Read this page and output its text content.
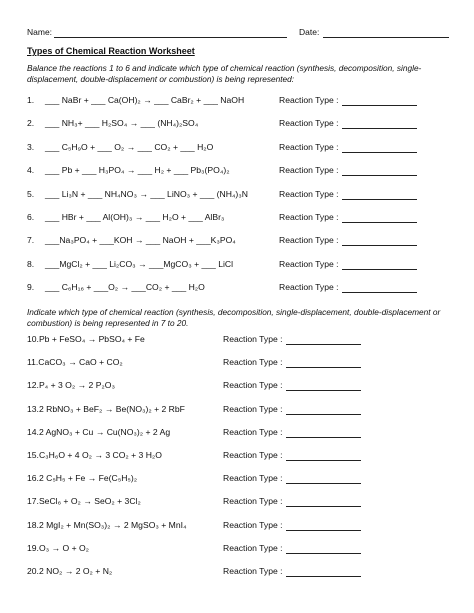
Name:	Date:
Types of Chemical Reaction Worksheet
Balance the reactions 1 to 6 and indicate which type of chemical reaction (synthesis, decomposition, single-displacement, double-displacement or combustion) is being represented:
1. ___ NaBr + ___ Ca(OH)₂ → ___ CaBr₂ + ___ NaOH	Reaction Type :
2. ___ NH₃+ ___ H₂SO₄ → ___ (NH₄)₂SO₄	Reaction Type :
3. ___ C₅H₉O + ___ O₂ → ___ CO₂ + ___ H₂O	Reaction Type :
4. ___ Pb + ___ H₃PO₄ → ___ H₂ + ___ Pb₃(PO₄)₂	Reaction Type :
5. ___ Li₃N + ___ NH₄NO₃ → ___ LiNO₃ + ___ (NH₄)₃N	Reaction Type :
6. ___ HBr + ___ Al(OH)₃ → ___ H₂O + ___ AlBr₃	Reaction Type :
7. ___Na₃PO₄ + ___KOH → ___ NaOH + ___K₃PO₄	Reaction Type :
8. ___MgCl₂ + ___ Li₂CO₃ → ___MgCO₃ + ___ LiCl	Reaction Type :
9. ___ C₆H₁₆ + ___O₂ → ___CO₂ + ___ H₂O	Reaction Type :
Indicate which type of chemical reaction (synthesis, decomposition, single-displacement, double-displacement or combustion) is being represented in 7 to 20.
10.Pb + FeSO₄ → PbSO₄ + Fe	Reaction Type :
11.CaCO₃ → CaO + CO₂	Reaction Type :
12.P₄ + 3 O₂ → 2 P₂O₃	Reaction Type :
13.2 RbNO₃ + BeF₂ → Be(NO₃)₂ + 2 RbF	Reaction Type :
14.2 AgNO₃ + Cu → Cu(NO₃)₂ + 2 Ag	Reaction Type :
15.C₃H₆O + 4 O₂ → 3 CO₂ + 3 H₂O	Reaction Type :
16.2 C₅H₅ + Fe → Fe(C₅H₅)₂	Reaction Type :
17.SeCl₆ + O₂ → SeO₂ + 3Cl₂	Reaction Type :
18.2 MgI₂ + Mn(SO₃)₂ → 2 MgSO₃ + MnI₄	Reaction Type :
19.O₃ → O + O₂	Reaction Type :
20.2 NO₂ → 2 O₂ + N₂	Reaction Type :
